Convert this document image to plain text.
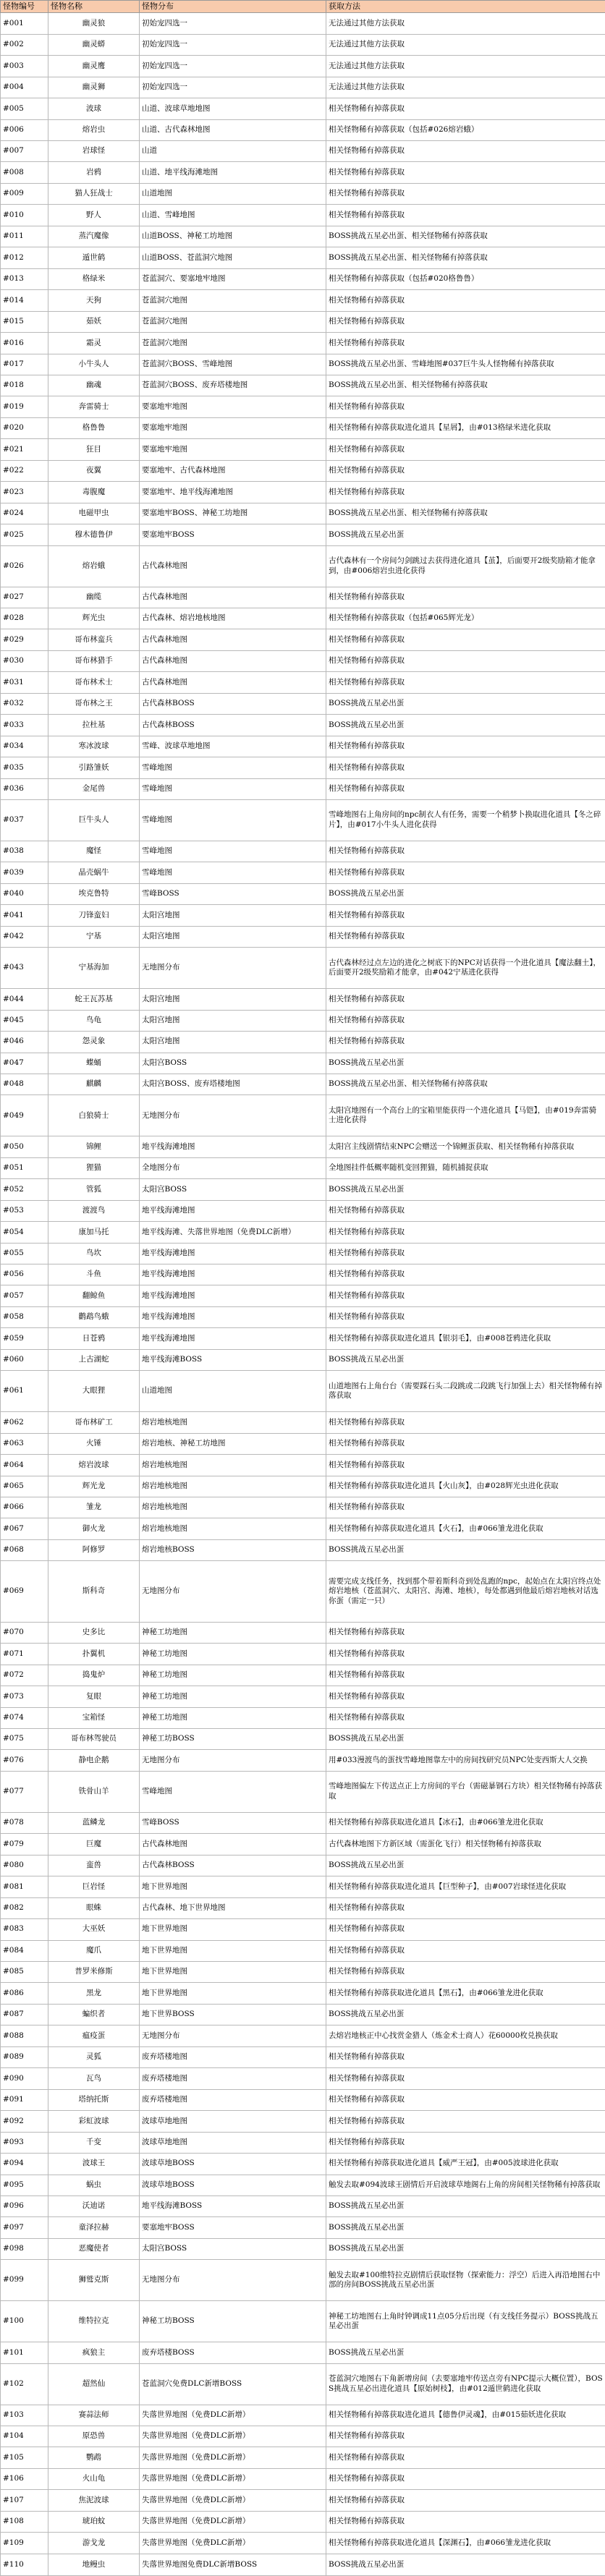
怪物编号	怪物名称	怪物分布	获取方法
#001	幽灵狼	初始宠四选一	无法通过其他方法获取
#002	幽灵蟒	初始宠四选一	无法通过其他方法获取
#003	幽灵鹰	初始宠四选一	无法通过其他方法获取
#004	幽灵狮	初始宠四选一	无法通过其他方法获取
#005	波球	山道、波球草地地图	相关怪物稀有掉落获取
#006	熔岩虫	山道、古代森林地图	相关怪物稀有掉落获取（包括#026熔岩蛾）
#007	岩球怪	山道	相关怪物稀有掉落获取
#008	岩鸦	山道、地平线海滩地图	相关怪物稀有掉落获取
#009	猫人狂战士	山道地图	相关怪物稀有掉落获取
#010	野人	山道、雪峰地图	相关怪物稀有掉落获取
#011	蒸汽魔像	山道BOSS、神秘工坊地图	BOSS挑战五星必出蛋、相关怪物稀有掉落获取
#012	遁世鹤	山道BOSS、苍蓝洞穴地图	BOSS挑战五星必出蛋、相关怪物稀有掉落获取
#013	格绿米	苍蓝洞穴、要塞地牢地图	相关怪物稀有掉落获取（包括#020格鲁鲁）
#014	天狗	苍蓝洞穴地图	相关怪物稀有掉落获取
#015	茹妖	苍蓝洞穴地图	相关怪物稀有掉落获取
#016	霜灵	苍蓝洞穴地图	相关怪物稀有掉落获取
#017	小牛头人	苍蓝洞穴BOSS、雪峰地图	BOSS挑战五星必出蛋、雪峰地图#037巨牛头人怪物稀有掉落获取
#018	幽魂	苍蓝洞穴BOSS、废弃塔楼地图	BOSS挑战五星必出蛋、相关怪物稀有掉落获取
#019	奔雷骑士	要塞地牢地图	相关怪物稀有掉落获取
#020	格鲁鲁	要塞地牢地图	相关怪物稀有掉落获取进化道具【星屑】，由#013格绿米进化获取
#021	狂目	要塞地牢地图	相关怪物稀有掉落获取
#022	夜翼	要塞地牢、古代森林地图	相关怪物稀有掉落获取
#023	毒腹魔	要塞地牢、地平线海滩地图	相关怪物稀有掉落获取
#024	电磁甲虫	要塞地牢BOSS、神秘工坊地图	BOSS挑战五星必出蛋、相关怪物稀有掉落获取
#025	穆木德鲁伊	要塞地牢BOSS	BOSS挑战五星必出蛋
#026	熔岩蛾	古代森林地图	古代森林有一个房间匀剑跳过去获得进化道具【茧】，后面要开2级奖励箱才能拿到，由#006熔岩虫进化获得
#027	幽缆	古代森林地图	相关怪物稀有掉落获取
#028	辉光虫	古代森林、熔岩地核地图	相关怪物稀有掉落获取（包括#065辉光龙）
#029	哥布林蛮兵	古代森林地图	相关怪物稀有掉落获取
#030	哥布林猎手	古代森林地图	相关怪物稀有掉落获取
#031	哥布林术士	古代森林地图	相关怪物稀有掉落获取
#032	哥布林之王	古代森林BOSS	BOSS挑战五星必出蛋
#033	拉杜基	古代森林BOSS	BOSS挑战五星必出蛋
#034	寒冰波球	雪峰、波球草地地图	相关怪物稀有掉落获取
#035	引路雏妖	雪峰地图	相关怪物稀有掉落获取
#036	金尾兽	雪峰地图	相关怪物稀有掉落获取
#037	巨牛头人	雪峰地图	雪峰地图右上角房间的npc制衣人有任务，需要一个稍梦卜换取进化道具【冬之碎片】，由#017小牛头人进化获得
#038	魔怪	雪峰地图	相关怪物稀有掉落获取
#039	晶壳蜗牛	雪峰地图	相关怪物稀有掉落获取
#040	埃克鲁特	雪峰BOSS	BOSS挑战五星必出蛋
#041	刀锋蛮妇	太阳宫地图	相关怪物稀有掉落获取
#042	宁基	太阳宫地图	相关怪物稀有掉落获取
#043	宁基海加	无地图分布	古代森林经过点左边的进化之树底下的NPC对话获得一个进化道具【魔法翻土】，后面要开2级奖励箱才能拿，由#042宁基进化获得
#044	蛇王瓦苏基	太阳宫地图	相关怪物稀有掉落获取
#045	鸟龟	太阳宫地图	相关怪物稀有掉落获取
#046	怨灵象	太阳宫地图	相关怪物稀有掉落获取
#047	蝶蛹	太阳宫BOSS	BOSS挑战五星必出蛋
#048	麒麟	太阳宫BOSS、废弃塔楼地图	BOSS挑战五星必出蛋、相关怪物稀有掉落获取
#049	白狼骑士	无地图分布	太阳宫地图有一个高台上的宝箱里能获得一个进化道具【马铠】，由#019奔雷骑士进化获得
#050	锦鲤	地平线海滩地图	太阳宫主线剧情结束NPC会赠送一个锦鲤蛋获取、相关怪物稀有掉落获取
#051	狸猫	全地图分布	全地图挂件低概率随机变回狸猫，随机捕捉获取
#052	管狐	太阳宫BOSS	BOSS挑战五星必出蛋
#053	渡渡鸟	地平线海滩地图	相关怪物稀有掉落获取
#054	康加马托	地平线海滩、失落世界地图（免费DLC新增）	相关怪物稀有掉落获取
#055	鸟坎	地平线海滩地图	相关怪物稀有掉落获取
#056	斗鱼	地平线海滩地图	相关怪物稀有掉落获取
#057	翻鲸鱼	地平线海滩地图	相关怪物稀有掉落获取
#058	鹳鹉鸟蛾	地平线海滩地图	相关怪物稀有掉落获取
#059	日苍鸦	地平线海滩地图	相关怪物稀有掉落获取进化道具【银羽毛】，由#008苍鸦进化获取
#060	上古湖蛇	地平线海滩BOSS	BOSS挑战五星必出蛋
#061	大眼狸	山道地图	山道地图右上角台台（需要踩石头二段跳或二段跳飞行加强上去）相关怪物稀有掉落获取
#062	哥布林矿工	熔岩地核地图	相关怪物稀有掉落获取
#063	火锤	熔岩地核、神秘工坊地图	相关怪物稀有掉落获取
#064	熔岩波球	熔岩地核地图	相关怪物稀有掉落获取
#065	辉光龙	熔岩地核地图	相关怪物稀有掉落获取进化道具【火山灰】，由#028辉光虫进化获取
#066	雏龙	熔岩地核地图	相关怪物稀有掉落获取
#067	御火龙	熔岩地核地图	相关怪物稀有掉落获取进化道具【火石】，由#066雏龙进化获取
#068	阿修罗	熔岩地核BOSS	BOSS挑战五星必出蛋
#069	斯科奇	无地图分布	需要完成支线任务，找到那个带着斯科奇到处乱跑的npc，起始点在太阳宫终点处熔岩地核（苍蓝洞穴、太阳宫、海滩、地核），每处都遇到他最后熔岩地核对话选你蛋（需定一只）
#070	史多比	神秘工坊地图	相关怪物稀有掉落获取
#071	扑翼机	神秘工坊地图	相关怪物稀有掉落获取
#072	捣鬼炉	神秘工坊地图	相关怪物稀有掉落获取
#073	复眼	神秘工坊地图	相关怪物稀有掉落获取
#074	宝箱怪	神秘工坊地图	相关怪物稀有掉落获取
#075	哥布林驾驶员	神秘工坊BOSS	BOSS挑战五星必出蛋
#076	静电企鹅	无地图分布	用#033漫渡鸟的蛋找雪峰地图靠左中的房间找研究员NPC处变西斯大人交换
#077	铁骨山羊	雪峰地图	雪峰地图偏左下传送点正上方房间的平台（需磁暴钢石方块）相关怪物稀有掉落获取
#078	蓝鳞龙	雪峰BOSS	相关怪物稀有掉落获取进化道具【冰石】，由#066雏龙进化获取
#079	巨魔	古代森林地图	古代森林地图下方新区域（需蛋化飞行）相关怪物稀有掉落获取
#080	蛮兽	古代森林BOSS	BOSS挑战五星必出蛋
#081	巨岩怪	地下世界地图	相关怪物稀有掉落获取进化道具【巨型种子】，由#007岩球怪进化获取
#082	眼蛛	古代森林、地下世界地图	相关怪物稀有掉落获取
#083	大巫妖	地下世界地图	相关怪物稀有掉落获取
#084	魔爪	地下世界地图	相关怪物稀有掉落获取
#085	普罗米修斯	地下世界地图	相关怪物稀有掉落获取
#086	黑龙	地下世界地图	相关怪物稀有掉落获取进化道具【黑石】，由#066雏龙进化获取
#087	蝙织者	地下世界BOSS	BOSS挑战五星必出蛋
#088	瘟疫蛋	无地图分布	去熔岩地核正中心找赏金猎人（炼金术士商人）花60000枚兑换获取
#089	灵狐	废弃塔楼地图	相关怪物稀有掉落获取
#090	瓦鸟	废弃塔楼地图	相关怪物稀有掉落获取
#091	塔纳托斯	废弃塔楼地图	相关怪物稀有掉落获取
#092	彩虹波球	波球草地地图	相关怪物稀有掉落获取
#093	千变	波球草地地图	相关怪物稀有掉落获取
#094	波球王	波球草地BOSS	相关怪物稀有掉落获取进化道具【威严王冠】，由#005波球进化获取
#095	蜗虫	波球草地BOSS	触发去取#094波球王剧情后开启波球草地阁右上角的房间相关怪物稀有掉落获取
#096	沃迪诺	地平线海滩BOSS	BOSS挑战五星必出蛋
#097	童泽拉赫	要塞地牢BOSS	BOSS挑战五星必出蛋
#098	恶魔使者	太阳宫BOSS	BOSS挑战五星必出蛋
#099	狮鹫克斯	无地图分布	触发去取#100维特拉克剧情后获取怪物（探索能力：浮空）后进入再沿地图右中部的房间BOSS挑战五星必出蛋
#100	维特拉克	神秘工坊BOSS	神秘工坊地图右上角时钟调成11点05分后出现（有支线任务提示）BOSS挑战五星必出蛋
#101	疯狼主	废弃塔楼BOSS	BOSS挑战五星必出蛋
#102	超然仙	苍蓝洞穴免费DLC新增BOSS	苍蓝洞穴地图右下角新增房间（去要塞地牢传送点旁有NPC提示大概位置），BOSS挑战五星必出进化道具【原始树枝】，由#012遁世鹤进化获取
#103	赛蒜法师	失落世界地图（免费DLC新增）	相关怪物稀有掉落获取进化道具【德鲁伊灵魂】，由#015茹妖进化获取
#104	原恐兽	失落世界地图（免费DLC新增）	相关怪物稀有掉落获取
#105	鹦鹉	失落世界地图（免费DLC新增）	相关怪物稀有掉落获取
#106	火山龟	失落世界地图（免费DLC新增）	相关怪物稀有掉落获取
#107	焦泥波球	失落世界地图（免费DLC新增）	相关怪物稀有掉落获取
#108	琥珀蚊	失落世界地图（免费DLC新增）	相关怪物稀有掉落获取
#109	游戈龙	失落世界地图（免费DLC新增）	相关怪物稀有掉落获取进化道具【深渊石】，由#066雏龙进化获取
#110	地鳗虫	失落世界地图免费DLC新增BOSS	BOSS挑战五星必出蛋
